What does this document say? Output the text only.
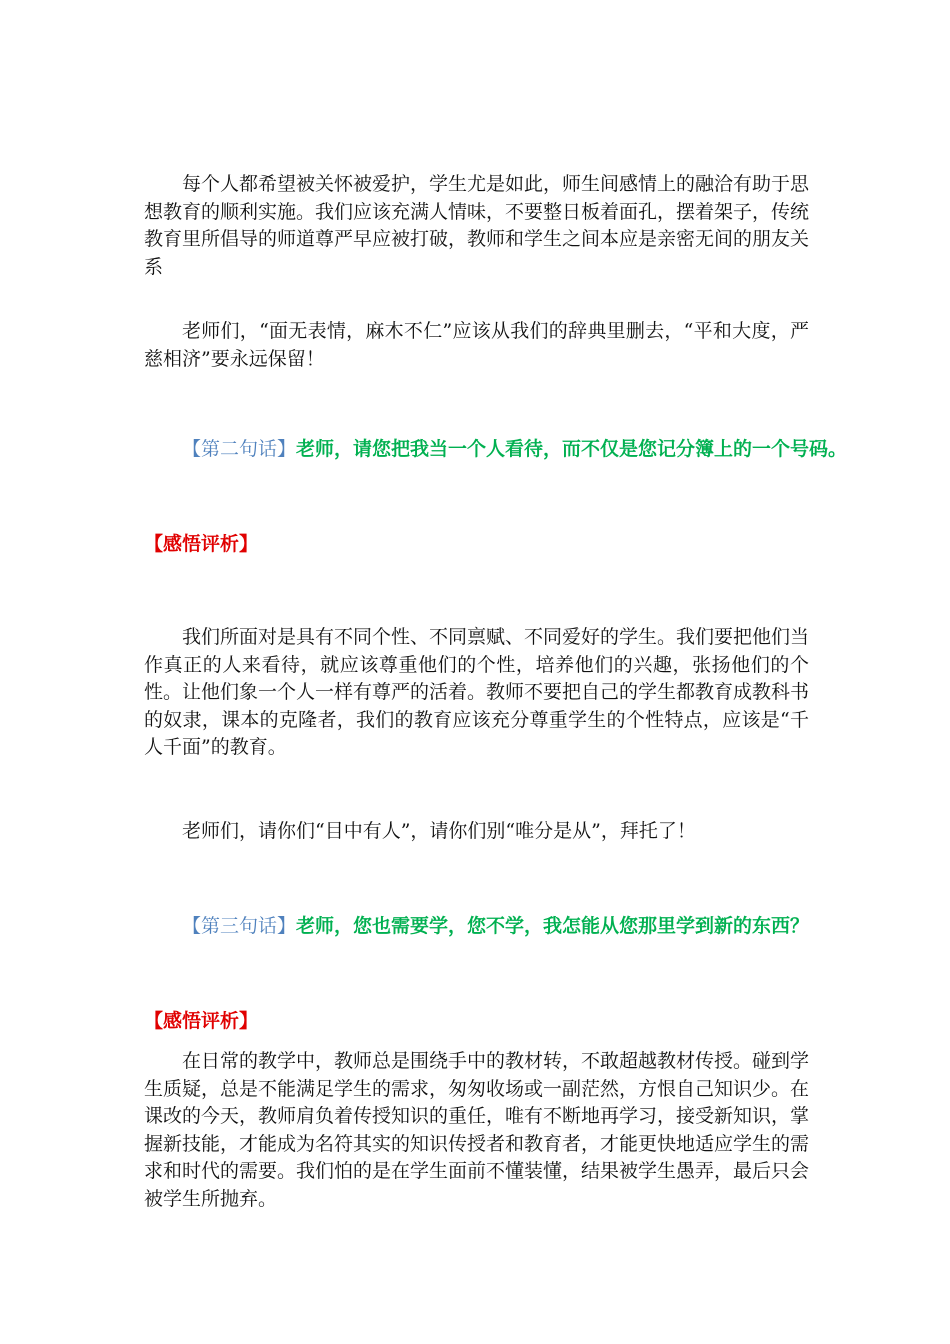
每个人都希望被关怀被爱护，学生尤是如此，师生间感情上的融洽有助于思想教育的顺利实施。我们应该充满人情味，不要整日板着面孔，摆着架子，传统教育里所倡导的师道尊严早应被打破，教师和学生之间本应是亲密无间的朋友关系

老师们，“面无表情，麻木不仁”应该从我们的辞典里删去，“平和大度，严慈相济”要永远保留！

【第二句话】老师，请您把我当一个人看待，而不仅是您记分簿上的一个号码。

【感悟评析】

我们所面对是具有不同个性、不同禀赋、不同爱好的学生。我们要把他们当作真正的人来看待，就应该尊重他们的个性，培养他们的兴趣，张扬他们的个性。让他们象一个人一样有尊严的活着。教师不要把自己的学生都教育成教科书的奴隶，课本的克隆者，我们的教育应该充分尊重学生的个性特点，应该是“千人千面”的教育。

老师们，请你们“目中有人”，请你们别“唯分是从”，拜托了！

【第三句话】老师，您也需要学，您不学，我怎能从您那里学到新的东西？

【感悟评析】

在日常的教学中，教师总是围绕手中的教材转，不敢超越教材传授。碰到学生质疑，总是不能满足学生的需求，匆匆收场或一副茫然，方恨自己知识少。在课改的今天，教师肩负着传授知识的重任，唯有不断地再学习，接受新知识，掌握新技能，才能成为名符其实的知识传授者和教育者，才能更快地适应学生的需求和时代的需要。我们怕的是在学生面前不懂装懂，结果被学生愚弄，最后只会被学生所抛弃。
